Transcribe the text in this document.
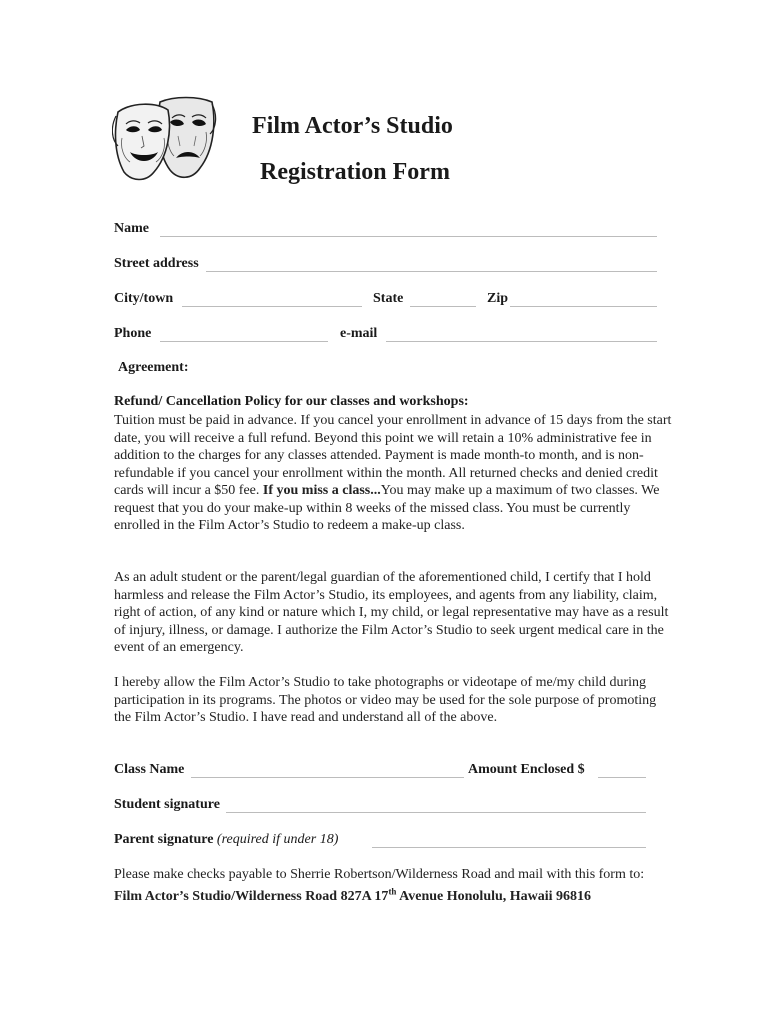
Film Actor’s Studio
Registration Form
Name
Street address
City/town	State	Zip
Phone	e-mail
Agreement:
Refund/ Cancellation Policy for our classes and workshops:

Tuition must be paid in advance. If you cancel your enrollment in advance of 15 days from the start date, you will receive a full refund. Beyond this point we will retain a 10% administrative fee in addition to the charges for any classes attended. Payment is made month-to month, and is non-refundable if you cancel your enrollment within the month. All returned checks and denied credit cards will incur a $50 fee. If you miss a class...You may make up a maximum of two classes. We request that you do your make-up within 8 weeks of the missed class. You must be currently enrolled in the Film Actor’s Studio to redeem a make-up class.

As an adult student or the parent/legal guardian of the aforementioned child, I certify that I hold harmless and release the Film Actor’s Studio, its employees, and agents from any liability, claim, right of action, of any kind or nature which I, my child, or legal representative may have as a result of injury, illness, or damage. I authorize the Film Actor’s Studio to seek urgent medical care in the event of an emergency.

I hereby allow the Film Actor’s Studio to take photographs or videotape of me/my child during participation in its programs. The photos or video may be used for the sole purpose of promoting the Film Actor’s Studio. I have read and understand all of the above.

Class Name	Amount Enclosed $
Student signature
Parent signature (required if under 18)
Please make checks payable to Sherrie Robertson/Wilderness Road and mail with this form to: Film Actor’s Studio/Wilderness Road 827A 17th Avenue Honolulu, Hawaii 96816
